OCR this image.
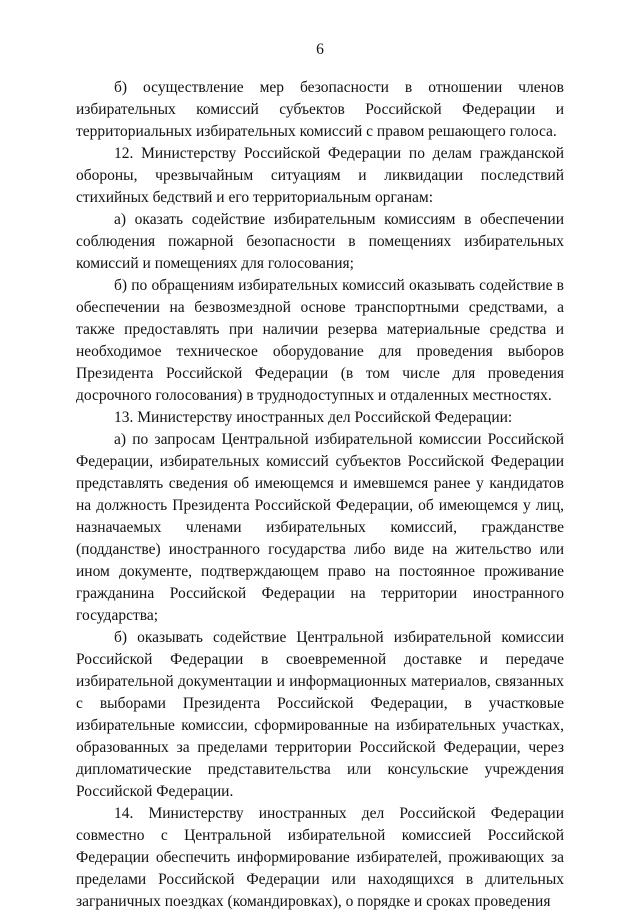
6

б) осуществление мер безопасности в отношении членов избирательных комиссий субъектов Российской Федерации и территориальных избирательных комиссий с правом решающего голоса.

12. Министерству Российской Федерации по делам гражданской обороны, чрезвычайным ситуациям и ликвидации последствий стихийных бедствий и его территориальным органам:

а) оказать содействие избирательным комиссиям в обеспечении соблюдения пожарной безопасности в помещениях избирательных комиссий и помещениях для голосования;

б) по обращениям избирательных комиссий оказывать содействие в обеспечении на безвозмездной основе транспортными средствами, а также предоставлять при наличии резерва материальные средства и необходимое техническое оборудование для проведения выборов Президента Российской Федерации (в том числе для проведения досрочного голосования) в труднодоступных и отдаленных местностях.

13. Министерству иностранных дел Российской Федерации:

а) по запросам Центральной избирательной комиссии Российской Федерации, избирательных комиссий субъектов Российской Федерации представлять сведения об имеющемся и имевшемся ранее у кандидатов на должность Президента Российской Федерации, об имеющемся у лиц, назначаемых членами избирательных комиссий, гражданстве (подданстве) иностранного государства либо виде на жительство или ином документе, подтверждающем право на постоянное проживание гражданина Российской Федерации на территории иностранного государства;

б) оказывать содействие Центральной избирательной комиссии Российской Федерации в своевременной доставке и передаче избирательной документации и информационных материалов, связанных с выборами Президента Российской Федерации, в участковые избирательные комиссии, сформированные на избирательных участках, образованных за пределами территории Российской Федерации, через дипломатические представительства или консульские учреждения Российской Федерации.

14. Министерству иностранных дел Российской Федерации совместно с Центральной избирательной комиссией Российской Федерации обеспечить информирование избирателей, проживающих за пределами Российской Федерации или находящихся в длительных заграничных поездках (командировках), о порядке и сроках проведения
